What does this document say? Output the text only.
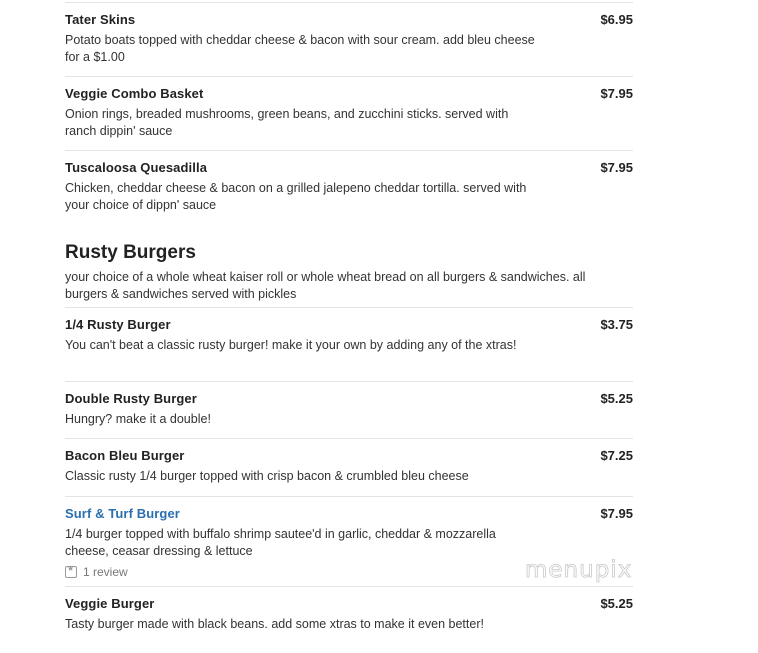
$6.95
Tater Skins
Potato boats topped with cheddar cheese & bacon with sour cream. add bleu cheese for a $1.00
$7.95
Veggie Combo Basket
Onion rings, breaded mushrooms, green beans, and zucchini sticks. served with ranch dippin' sauce
$7.95
Tuscaloosa Quesadilla
Chicken, cheddar cheese & bacon on a grilled jalepeno cheddar tortilla. served with your choice of dippn' sauce
Rusty Burgers
your choice of a whole wheat kaiser roll or whole wheat bread on all burgers & sandwiches. all burgers & sandwiches served with pickles
$3.75
1/4 Rusty Burger
You can't beat a classic rusty burger! make it your own by adding any of the xtras!
$5.25
Double Rusty Burger
Hungry? make it a double!
$7.25
Bacon Bleu Burger
Classic rusty 1/4 burger topped with crisp bacon & crumbled bleu cheese
$7.95
Surf & Turf Burger
1/4 burger topped with buffalo shrimp sautee'd in garlic, cheddar & mozzarella cheese, ceasar dressing & lettuce
★
1 review
$5.25
Veggie Burger
Tasty burger made with black beans. add some xtras to make it even better!
menupix
